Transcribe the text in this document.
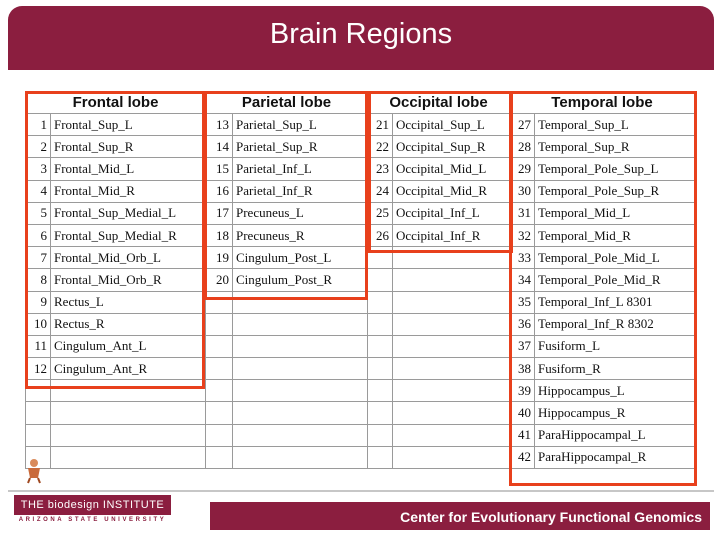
Brain Regions
Frontal lobe		Parietal lobe		Occipital lobe		Temporal lobe	
1	Frontal_Sup_L	13	Parietal_Sup_L	21	Occipital_Sup_L	27	Temporal_Sup_L
2	Frontal_Sup_R	14	Parietal_Sup_R	22	Occipital_Sup_R	28	Temporal_Sup_R
3	Frontal_Mid_L	15	Parietal_Inf_L	23	Occipital_Mid_L	29	Temporal_Pole_Sup_L
4	Frontal_Mid_R	16	Parietal_Inf_R	24	Occipital_Mid_R	30	Temporal_Pole_Sup_R
5	Frontal_Sup_Medial_L	17	Precuneus_L	25	Occipital_Inf_L	31	Temporal_Mid_L
6	Frontal_Sup_Medial_R	18	Precuneus_R	26	Occipital_Inf_R	32	Temporal_Mid_R
7	Frontal_Mid_Orb_L	19	Cingulum_Post_L			33	Temporal_Pole_Mid_L
8	Frontal_Mid_Orb_R	20	Cingulum_Post_R			34	Temporal_Pole_Mid_R
9	Rectus_L					35	Temporal_Inf_L 8301
10	Rectus_R					36	Temporal_Inf_R 8302
11	Cingulum_Ant_L					37	Fusiform_L
12	Cingulum_Ant_R					38	Fusiform_R
						39	Hippocampus_L
						40	Hippocampus_R
						41	ParaHippocampal_L
						42	ParaHippocampal_R
THE biodesign INSTITUTE
ARIZONA STATE UNIVERSITY	Center for Evolutionary Functional Genomics
